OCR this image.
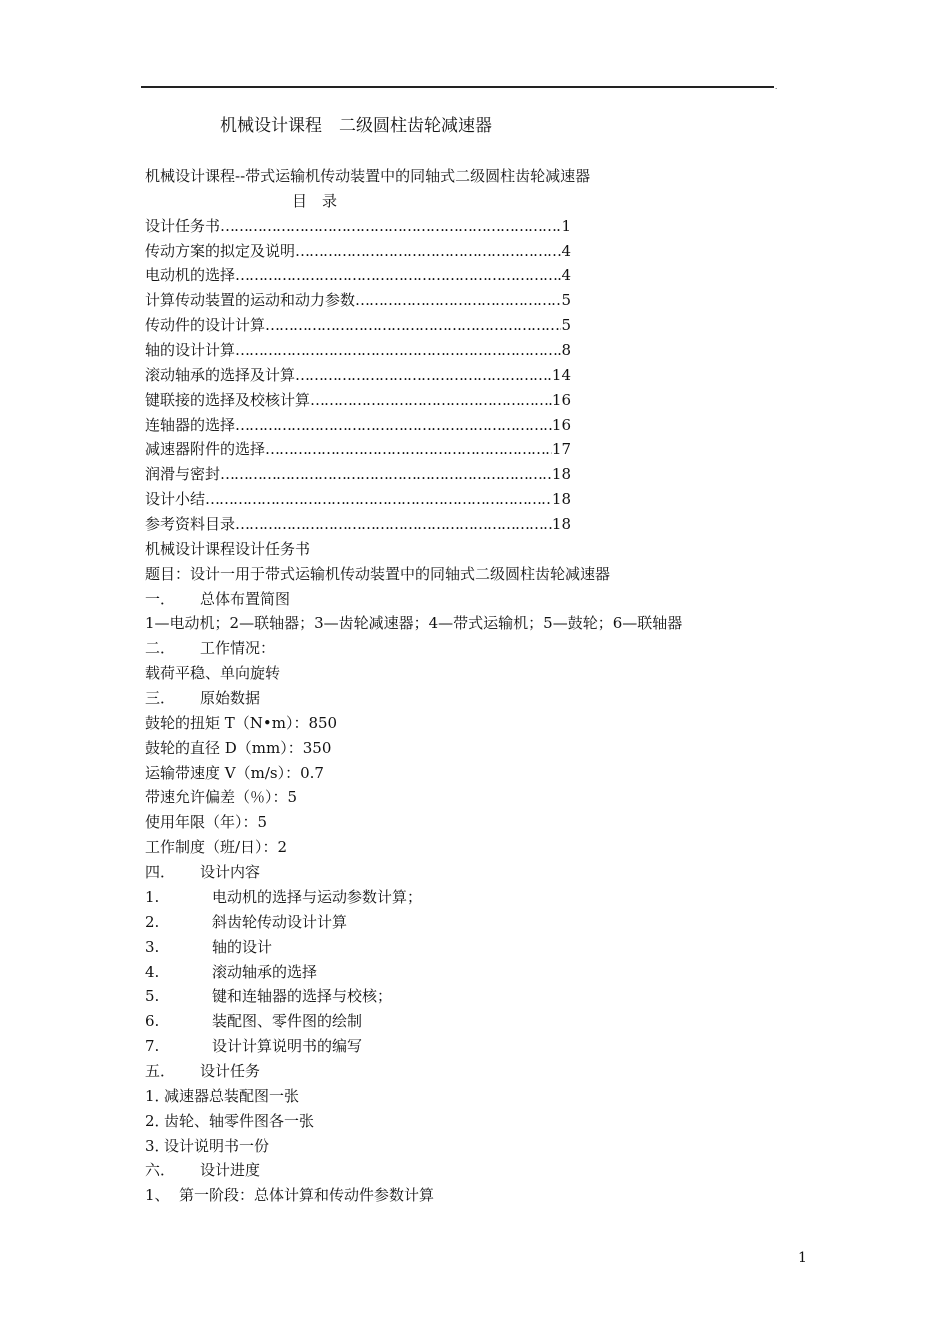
.
机械设计课程　二级圆柱齿轮减速器
机械设计课程--带式运输机传动装置中的同轴式二级圆柱齿轮减速器
目　录
设计任务书 ……………………………………………………………………………………………………………………………………	1
传动方案的拟定及说明 ……………………………………………………………………………………………………………………………………	4
电动机的选择 ……………………………………………………………………………………………………………………………………	4
计算传动装置的运动和动力参数 ……………………………………………………………………………………………………………………………………	5
传动件的设计计算 ……………………………………………………………………………………………………………………………………	5
轴的设计计算 ……………………………………………………………………………………………………………………………………	8
滚动轴承的选择及计算 ……………………………………………………………………………………………………………………………………	14
键联接的选择及校核计算 ……………………………………………………………………………………………………………………………………	16
连轴器的选择 ……………………………………………………………………………………………………………………………………	16
减速器附件的选择 ……………………………………………………………………………………………………………………………………	17
润滑与密封 ……………………………………………………………………………………………………………………………………	18
设计小结 ……………………………………………………………………………………………………………………………………	18
参考资料目录 ……………………………………………………………………………………………………………………………………	18
机械设计课程设计任务书
题目：设计一用于带式运输机传动装置中的同轴式二级圆柱齿轮减速器
一． 总体布置简图
1—电动机；2—联轴器；3—齿轮减速器；4—带式运输机；5—鼓轮；6—联轴器
二． 工作情况：
载荷平稳、单向旋转
三． 原始数据
鼓轮的扭矩 T（N•m）：850
鼓轮的直径 D（mm）：350
运输带速度 V（m/s）：0.7
带速允许偏差（％）：5
使用年限（年）：5
工作制度（班/日）：2
四． 设计内容
1.	电动机的选择与运动参数计算；
2.	斜齿轮传动设计计算
3.	轴的设计
4.	滚动轴承的选择
5.	键和连轴器的选择与校核；
6.	装配图、零件图的绘制
7.	设计计算说明书的编写
五． 设计任务
1．减速器总装配图一张
2．齿轮、轴零件图各一张
3．设计说明书一份
六． 设计进度
1、 第一阶段：总体计算和传动件参数计算
1
